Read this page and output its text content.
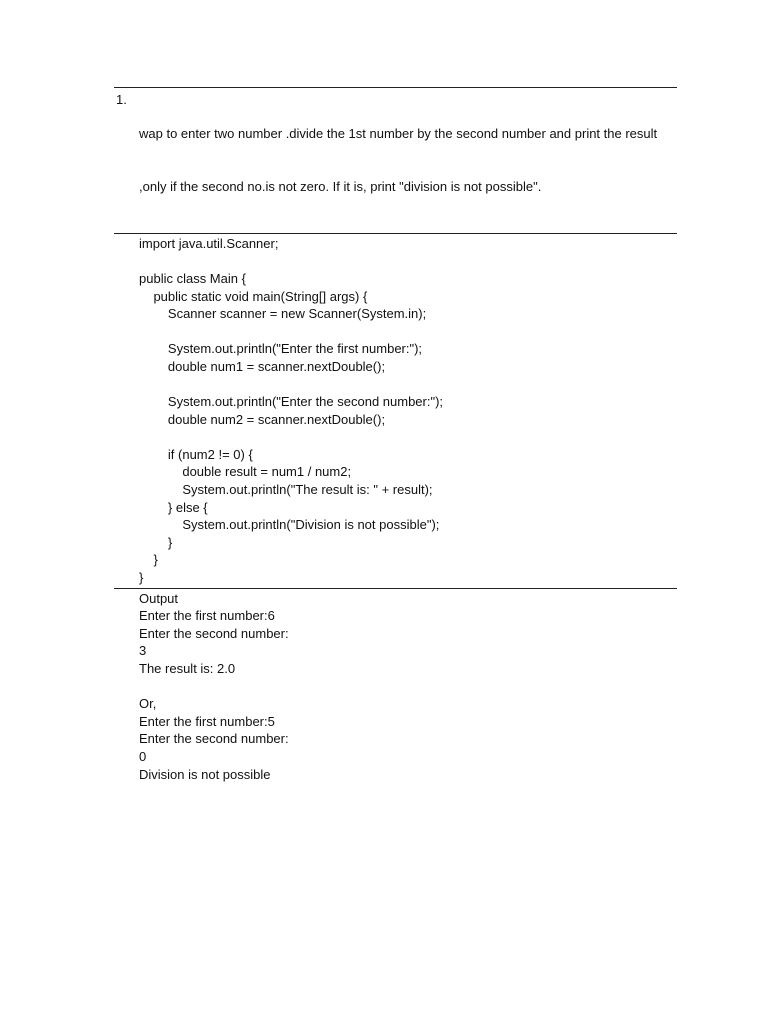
1.

wap to enter two number .divide the 1st number by the second number and print the result

,only if the second no.is not zero. If it is, print "division is not possible".

import java.util.Scanner;
public class Main {
public static void main(String[] args) {
Scanner scanner = new Scanner(System.in);
System.out.println("Enter the first number:");
double num1 = scanner.nextDouble();
System.out.println("Enter the second number:");
double num2 = scanner.nextDouble();
if (num2 != 0) {
double result = num1 / num2;
System.out.println("The result is: " + result);
} else {
System.out.println("Division is not possible");
}
}
}
Output
Enter the first number:6
Enter the second number:
3
The result is: 2.0
Or,
Enter the first number:5
Enter the second number:
0
Division is not possible
